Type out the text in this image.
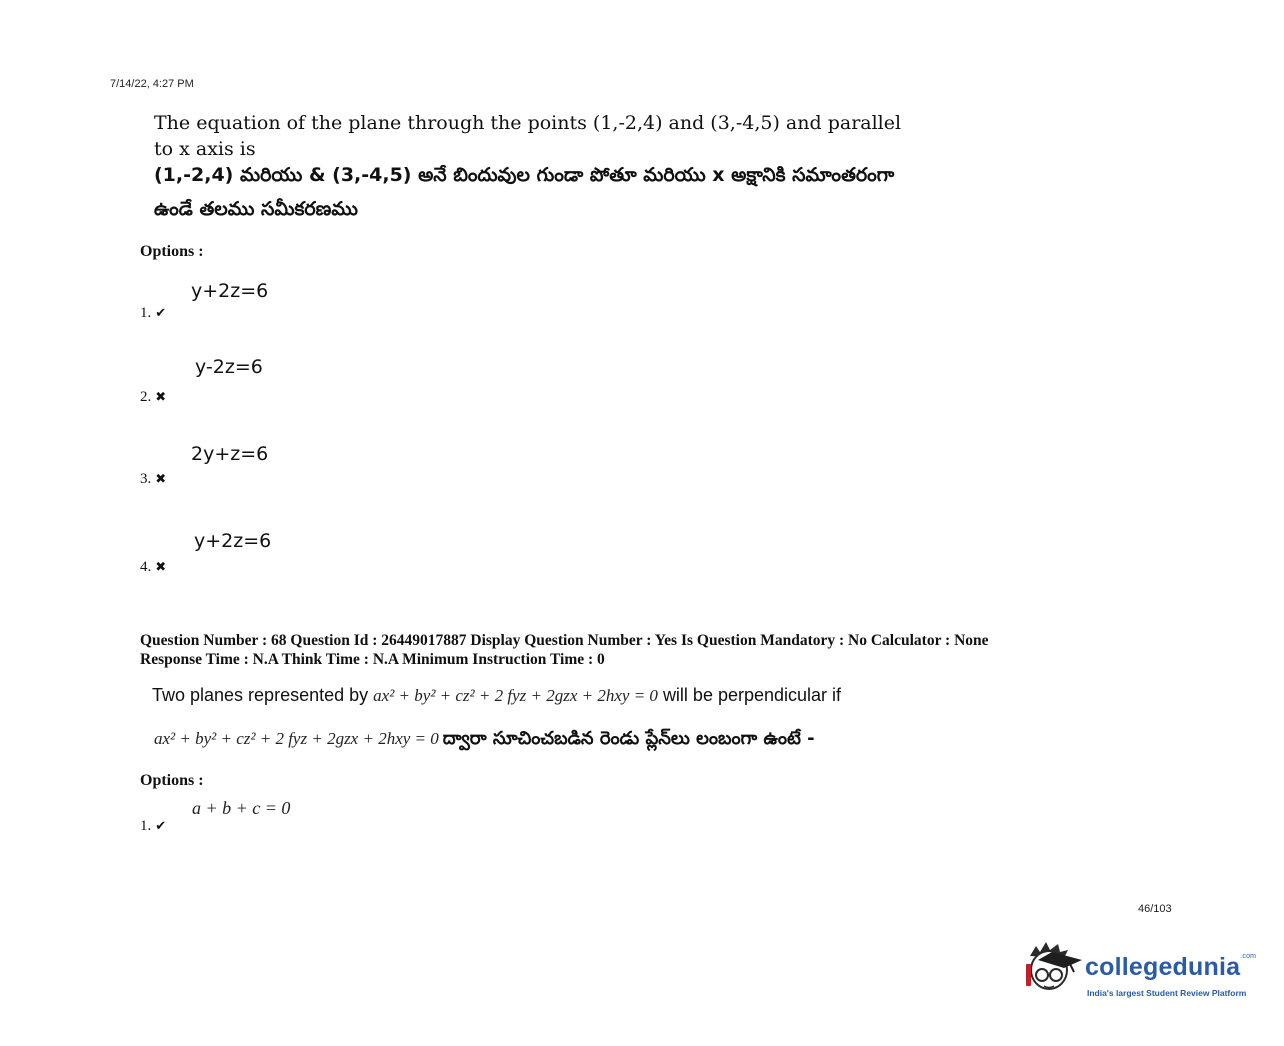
7/14/22, 4:27 PM
The equation of the plane through the points (1,-2,4) and (3,-4,5) and parallel
to x axis is
(1,-2,4) మరియు & (3,-4,5) అనే బిందువుల గుండా పోతూ మరియు x అక్షానికి సమాంతరంగా
ఉండే తలము సమీకరణము
Options :
y+2z=6
1. ✔
y-2z=6
2. ✖
2y+z=6
3. ✖
y+2z=6
4. ✖
Question Number : 68 Question Id : 26449017887 Display Question Number : Yes Is Question Mandatory : No Calculator : None
Response Time : N.A Think Time : N.A Minimum Instruction Time : 0
Two planes represented by ax² + by² + cz² + 2 fyz + 2gzx + 2hxy = 0 will be perpendicular if
ax² + by² + cz² + 2 fyz + 2gzx + 2hxy = 0 ద్వారా సూచించబడిన రెండు ప్లేన్‌లు లంబంగా ఉంటే -
Options :
a + b + c = 0
1. ✔
46/103
collegedunia$^{.com}$
India's largest Student Review Platform
